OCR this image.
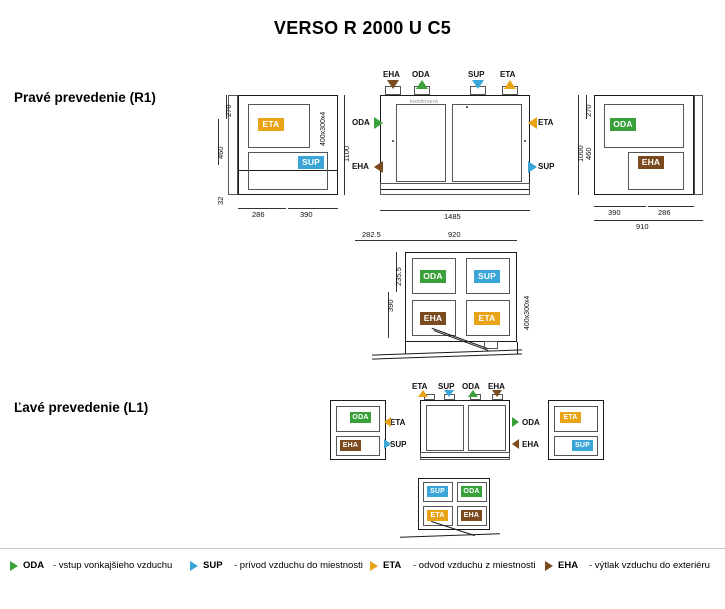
VERSO R 2000 U C5
Pravé prevedenie (R1)
Ľavé prevedenie (L1)
ETA
SUP
270
460
32
286	390
400x300x4
komfovent
EHA ODA	SUP ETA
ODA
EHA
ETA
SUP
1100
1485
ODA
EHA
270
1000 460
390	286
910
ODA	SUP
EHA	ETA
282.5	920
235.5
390	400x300x4
ODA
EHA
ETA
SUP
ETA SUP ODA EHA
ODA
EHA
ETA
SUP
SUP	ODA
ETA	EHA
ODA - vstup vonkajšieho vzduchu	SUP - prívod vzduchu do miestnosti	ETA - odvod vzduchu z miestnosti	EHA - výtlak vzduchu do exteriéru
